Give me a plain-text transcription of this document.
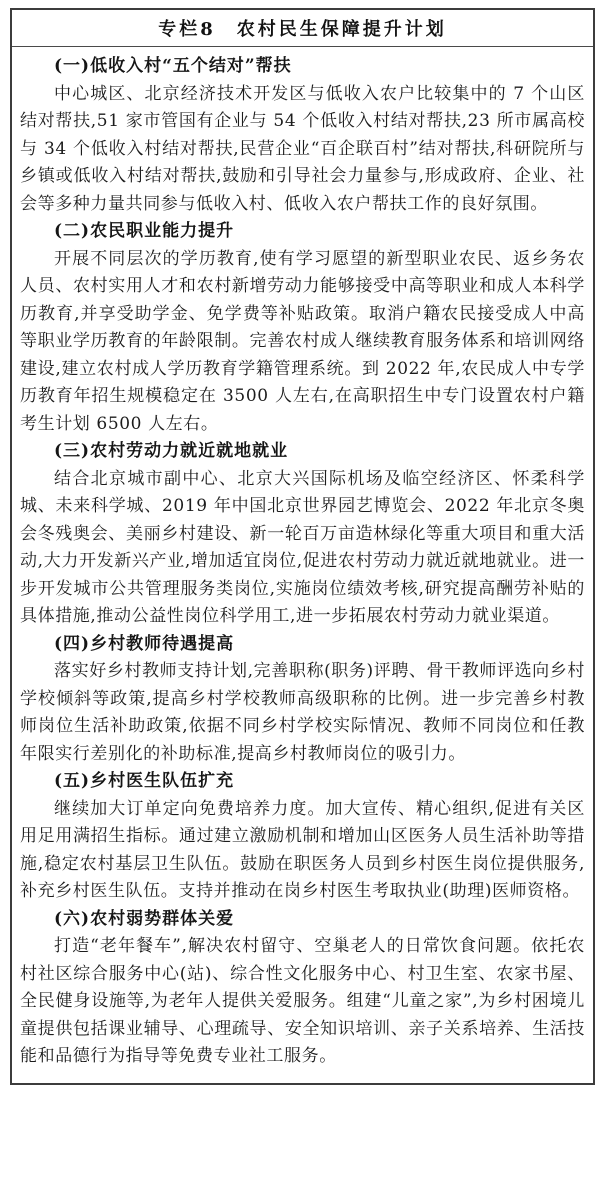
专栏8　农村民生保障提升计划
(一)低收入村“五个结对”帮扶

中心城区、北京经济技术开发区与低收入农户比较集中的 7 个山区结对帮扶,51 家市管国有企业与 54 个低收入村结对帮扶,23 所市属高校与 34 个低收入村结对帮扶,民营企业“百企联百村”结对帮扶,科研院所与乡镇或低收入村结对帮扶,鼓励和引导社会力量参与,形成政府、企业、社会等多种力量共同参与低收入村、低收入农户帮扶工作的良好氛围。

(二)农民职业能力提升

开展不同层次的学历教育,使有学习愿望的新型职业农民、返乡务农人员、农村实用人才和农村新增劳动力能够接受中高等职业和成人本科学历教育,并享受助学金、免学费等补贴政策。取消户籍农民接受成人中高等职业学历教育的年龄限制。完善农村成人继续教育服务体系和培训网络建设,建立农村成人学历教育学籍管理系统。到 2022 年,农民成人中专学历教育年招生规模稳定在 3500 人左右,在高职招生中专门设置农村户籍考生计划 6500 人左右。

(三)农村劳动力就近就地就业

结合北京城市副中心、北京大兴国际机场及临空经济区、怀柔科学城、未来科学城、2019 年中国北京世界园艺博览会、2022 年北京冬奥会冬残奥会、美丽乡村建设、新一轮百万亩造林绿化等重大项目和重大活动,大力开发新兴产业,增加适宜岗位,促进农村劳动力就近就地就业。进一步开发城市公共管理服务类岗位,实施岗位绩效考核,研究提高酬劳补贴的具体措施,推动公益性岗位科学用工,进一步拓展农村劳动力就业渠道。

(四)乡村教师待遇提高

落实好乡村教师支持计划,完善职称(职务)评聘、骨干教师评选向乡村学校倾斜等政策,提高乡村学校教师高级职称的比例。进一步完善乡村教师岗位生活补助政策,依据不同乡村学校实际情况、教师不同岗位和任教年限实行差别化的补助标准,提高乡村教师岗位的吸引力。

(五)乡村医生队伍扩充

继续加大订单定向免费培养力度。加大宣传、精心组织,促进有关区用足用满招生指标。通过建立激励机制和增加山区医务人员生活补助等措施,稳定农村基层卫生队伍。鼓励在职医务人员到乡村医生岗位提供服务,补充乡村医生队伍。支持并推动在岗乡村医生考取执业(助理)医师资格。

(六)农村弱势群体关爱

打造“老年餐车”,解决农村留守、空巢老人的日常饮食问题。依托农村社区综合服务中心(站)、综合性文化服务中心、村卫生室、农家书屋、全民健身设施等,为老年人提供关爱服务。组建“儿童之家”,为乡村困境儿童提供包括课业辅导、心理疏导、安全知识培训、亲子关系培养、生活技能和品德行为指导等免费专业社工服务。
